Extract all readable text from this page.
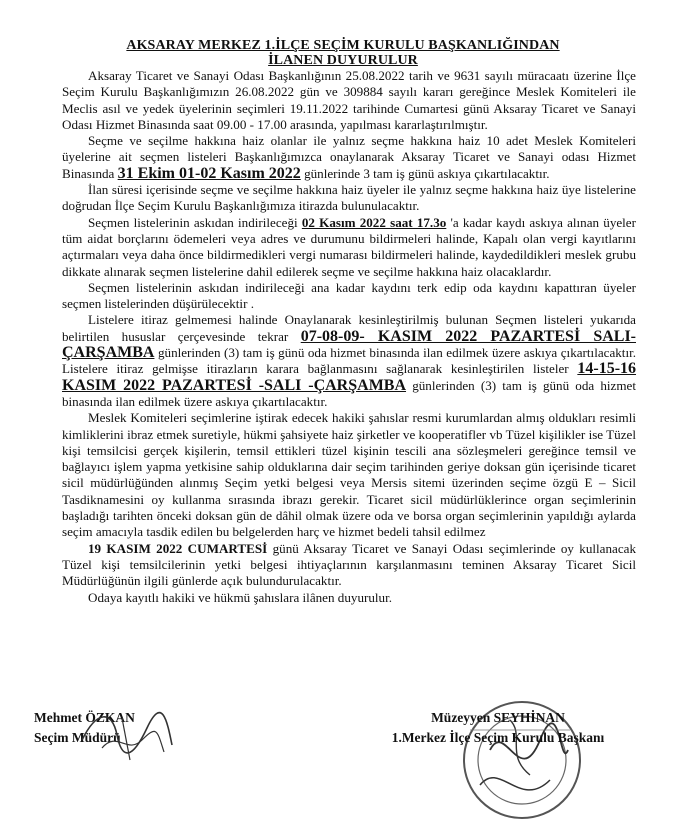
AKSARAY MERKEZ 1.İLÇE SEÇİM KURULU BAŞKANLIĞINDAN
İLANEN DUYURULUR

Aksaray Ticaret ve Sanayi Odası Başkanlığının 25.08.2022 tarih ve 9631 sayılı müracaatı üzerine İlçe Seçim Kurulu Başkanlığımızın 26.08.2022 gün ve 309884 sayılı kararı gereğince Meslek Komiteleri ile Meclis asıl ve yedek üyelerinin seçimleri 19.11.2022 tarihinde Cumartesi günü Aksaray Ticaret ve Sanayi Odası Hizmet Binasında saat 09.00 - 17.00 arasında, yapılması kararlaştırılmıştır.

Seçme ve seçilme hakkına haiz olanlar ile yalnız seçme hakkına haiz 10 adet Meslek Komiteleri üyelerine ait seçmen listeleri Başkanlığımızca onaylanarak Aksaray Ticaret ve Sanayi odası Hizmet Binasında 31 Ekim 01-02 Kasım 2022 günlerinde 3 tam iş günü askıya çıkartılacaktır.

İlan süresi içerisinde seçme ve seçilme hakkına haiz üyeler ile yalnız seçme hakkına haiz üye listelerine doğrudan İlçe Seçim Kurulu Başkanlığımıza itirazda bulunulacaktır.

Seçmen listelerinin askıdan indirileceği 02 Kasım 2022 saat 17.3o 'a kadar kaydı askıya alınan üyeler tüm aidat borçlarını ödemeleri veya adres ve durumunu bildirmeleri halinde, Kapalı olan vergi kayıtlarını açtırmaları veya daha önce bildirmedikleri vergi numarası bildirmeleri halinde, kaydedildikleri meslek grubu dikkate alınarak seçmen listelerine dahil edilerek seçme ve seçilme hakkına haiz olacaklardır.

Seçmen listelerinin askıdan indirileceği ana kadar kaydını terk edip oda kaydını kapattıran üyeler seçmen listelerinden düşürülecektir .

Listelere itiraz gelmemesi halinde Onaylanarak kesinleştirilmiş bulunan Seçmen listeleri yukarıda belirtilen hususlar çerçevesinde tekrar 07-08-09- KASIM 2022 PAZARTESİ SALI-ÇARŞAMBA günlerinden (3) tam iş günü oda hizmet binasında ilan edilmek üzere askıya çıkartılacaktır. Listelere itiraz gelmişse itirazların karara bağlanmasını sağlanarak kesinleştirilen listeler 14-15-16 KASIM 2022 PAZARTESİ -SALI -ÇARŞAMBA günlerinden (3) tam iş günü oda hizmet binasında ilan edilmek üzere askıya çıkartılacaktır.

Meslek Komiteleri seçimlerine iştirak edecek hakiki şahıslar resmi kurumlardan almış oldukları resimli kimliklerini ibraz etmek suretiyle, hükmi şahsiyete haiz şirketler ve kooperatifler vb Tüzel kişilikler ise Tüzel kişi temsilcisi gerçek kişilerin, temsil ettikleri tüzel kişinin tescili ana sözleşmeleri gereğince temsil ve bağlayıcı işlem yapma yetkisine sahip olduklarına dair seçim tarihinden geriye doksan gün içerisinde ticaret sicil müdürlüğünden alınmış Seçim yetki belgesi veya Mersis sitemi üzerinden seçime özgü E – Sicil Tasdiknamesini oy kullanma sırasında ibrazı gerekir. Ticaret sicil müdürlüklerince organ seçimlerinin başladığı tarihten önceki doksan gün de dâhil olmak üzere oda ve borsa organ seçimlerinin yapıldığı aylarda seçim amacıyla tasdik edilen bu belgelerden harç ve hizmet bedeli tahsil edilmez

19 KASIM 2022 CUMARTESİ günü Aksaray Ticaret ve Sanayi Odası seçimlerinde oy kullanacak Tüzel kişi temsilcilerinin yetki belgesi ihtiyaçlarının karşılanmasını teminen Aksaray Ticaret Sicil Müdürlüğünün ilgili günlerde açık bulundurulacaktır.

Odaya kayıtlı hakiki ve hükmü şahıslara ilânen duyurulur.

Mehmet ÖZKAN
Seçim Müdürü
Müzeyyen SEYHİNAN
1.Merkez İlçe Seçim Kurulu Başkanı
